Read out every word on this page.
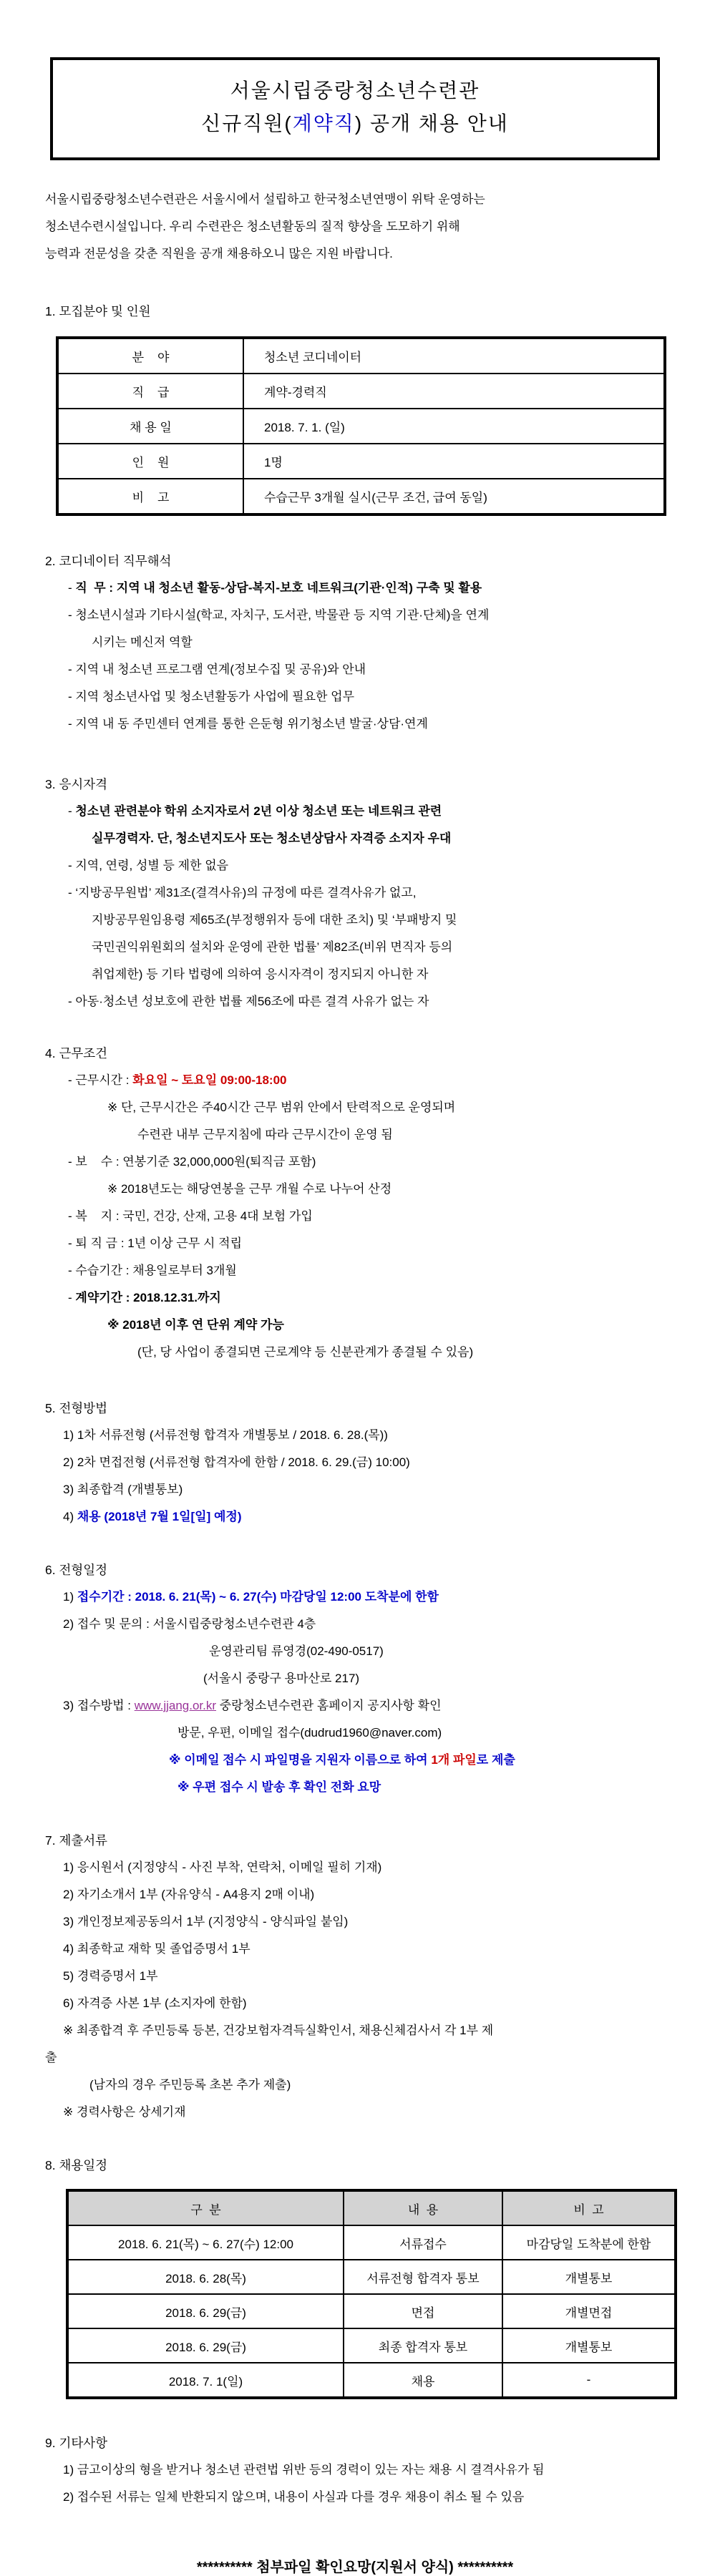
서울시립중랑청소년수련관
신규직원(계약직) 공개 채용 안내
서울시립중랑청소년수련관은 서울시에서 설립하고 한국청소년연맹이 위탁 운영하는
청소년수련시설입니다. 우리 수련관은 청소년활동의 질적 향상을 도모하기 위해
능력과 전문성을 갖춘 직원을 공개 채용하오니 많은 지원 바랍니다.
1. 모집분야 및 인원
분    야	청소년 코디네이터
직    급	계약-경력직
채 용 일	2018. 7. 1. (일)
인    원	1명
비    고	수습근무 3개월 실시(근무 조건, 급여 동일)
2. 코디네이터 직무해석
- 직  무 : 지역 내 청소년 활동-상담-복지-보호 네트워크(기관·인적) 구축 및 활용
- 청소년시설과 기타시설(학교, 자치구, 도서관, 박물관 등 지역 기관·단체)을 연계
시키는 메신저 역할
- 지역 내 청소년 프로그램 연계(정보수집 및 공유)와 안내
- 지역 청소년사업 및 청소년활동가 사업에 필요한 업무
- 지역 내 동 주민센터 연계를 통한 은둔형 위기청소년 발굴·상담·연계
3. 응시자격
- 청소년 관련분야 학위 소지자로서 2년 이상 청소년 또는 네트워크 관련
실무경력자. 단, 청소년지도사 또는 청소년상담사 자격증 소지자 우대
- 지역, 연령, 성별 등 제한 없음
- ‘지방공무원법’ 제31조(결격사유)의 규정에 따른 결격사유가 없고,
지방공무원임용령 제65조(부정행위자 등에 대한 조치) 및 ‘부패방지 및
국민권익위원회의 설치와 운영에 관한 법률’ 제82조(비위 면직자 등의
취업제한) 등 기타 법령에 의하여 응시자격이 정지되지 아니한 자
- 아동·청소년 성보호에 관한 법률 제56조에 따른 결격 사유가 없는 자
4. 근무조건
- 근무시간 : 화요일 ~ 토요일 09:00-18:00
※ 단, 근무시간은 주40시간 근무 범위 안에서 탄력적으로 운영되며
수련관 내부 근무지침에 따라 근무시간이 운영 됨
- 보    수 : 연봉기준 32,000,000원(퇴직금 포함)
※ 2018년도는 해당연봉을 근무 개월 수로 나누어 산정
- 복    지 : 국민, 건강, 산재, 고용 4대 보험 가입
- 퇴 직 금 : 1년 이상 근무 시 적립
- 수습기간 : 채용일로부터 3개월
- 계약기간 : 2018.12.31.까지
※ 2018년 이후 연 단위 계약 가능
(단, 당 사업이 종결되면 근로계약 등 신분관계가 종결될 수 있음)
5. 전형방법
1) 1차 서류전형 (서류전형 합격자 개별통보 / 2018. 6. 28.(목))
2) 2차 면접전형 (서류전형 합격자에 한함 / 2018. 6. 29.(금) 10:00)
3) 최종합격 (개별통보)
4) 채용 (2018년 7월 1일[일] 예정)
6. 전형일정
1) 접수기간 : 2018. 6. 21(목) ~ 6. 27(수) 마감당일 12:00 도착분에 한함
2) 접수 및 문의 : 서울시립중랑청소년수련관 4층
운영관리팀 류영경(02-490-0517)
(서울시 중랑구 용마산로 217)
3) 접수방법 : www.jjang.or.kr 중랑청소년수련관 홈페이지 공지사항 확인
방문, 우편, 이메일 접수(dudrud1960@naver.com)
※ 이메일 접수 시 파일명을 지원자 이름으로 하여 1개 파일로 제출
※ 우편 접수 시 발송 후 확인 전화 요망
7. 제출서류
1) 응시원서 (지정양식 - 사진 부착, 연락처, 이메일 필히 기재)
2) 자기소개서 1부 (자유양식 - A4용지 2매 이내)
3) 개인정보제공동의서 1부 (지정양식 - 양식파일 붙임)
4) 최종학교 재학 및 졸업증명서 1부
5) 경력증명서 1부
6) 자격증 사본 1부 (소지자에 한함)
※ 최종합격 후 주민등록 등본, 건강보험자격득실확인서, 채용신체검사서 각 1부 제
출
(남자의 경우 주민등록 초본 추가 제출)
※ 경력사항은 상세기재
8. 채용일정
구  분	내  용	비  고
2018. 6. 21(목) ~ 6. 27(수) 12:00	서류접수	마감당일 도착분에 한함
2018. 6. 28(목)	서류전형 합격자 통보	개별통보
2018. 6. 29(금)	면접	개별면접
2018. 6. 29(금)	최종 합격자 통보	개별통보
2018. 7. 1(일)	채용	-
9. 기타사항
1) 금고이상의 형을 받거나 청소년 관련법 위반 등의 경력이 있는 자는 채용 시 결격사유가 됨
2) 접수된 서류는 일체 반환되지 않으며, 내용이 사실과 다를 경우 채용이 취소 될 수 있음
********** 첨부파일 확인요망(지원서 양식) **********
